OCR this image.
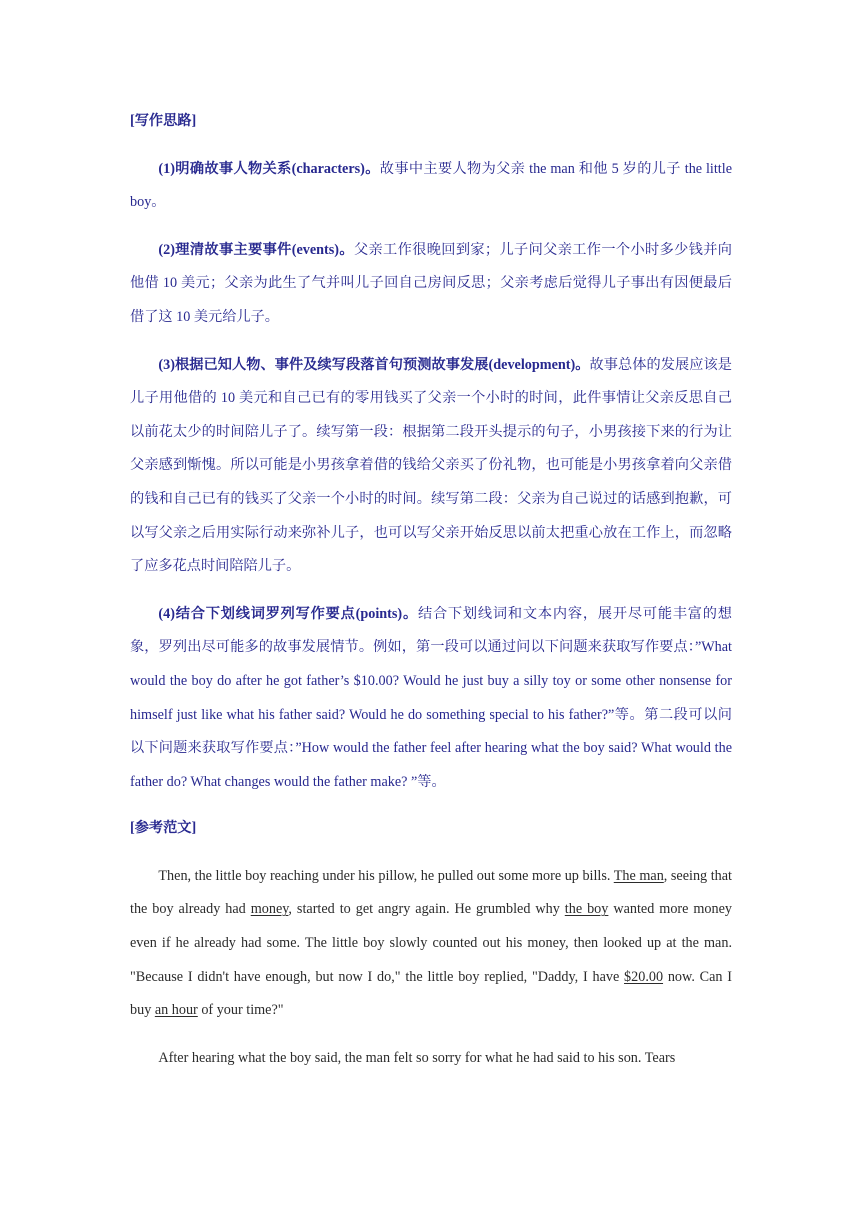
[写作思路]

(1)明确故事人物关系(characters)。故事中主要人物为父亲 the man 和他 5 岁的儿子 the little boy。

(2)理清故事主要事件(events)。父亲工作很晚回到家；儿子问父亲工作一个小时多少钱并向他借 10 美元；父亲为此生了气并叫儿子回自己房间反思；父亲考虑后觉得儿子事出有因便最后借了这 10 美元给儿子。

(3)根据已知人物、事件及续写段落首句预测故事发展(development)。故事总体的发展应该是儿子用他借的 10 美元和自己已有的零用钱买了父亲一个小时的时间，此件事情让父亲反思自己以前花太少的时间陪儿子了。续写第一段：根据第二段开头提示的句子，小男孩接下来的行为让父亲感到惭愧。所以可能是小男孩拿着借的钱给父亲买了份礼物，也可能是小男孩拿着向父亲借的钱和自己已有的钱买了父亲一个小时的时间。续写第二段：父亲为自己说过的话感到抱歉，可以写父亲之后用实际行动来弥补儿子，也可以写父亲开始反思以前太把重心放在工作上，而忽略了应多花点时间陪陪儿子。

(4)结合下划线词罗列写作要点(points)。结合下划线词和文本内容，展开尽可能丰富的想象，罗列出尽可能多的故事发展情节。例如，第一段可以通过问以下问题来获取写作要点：”What would the boy do after he got father’s $10.00? Would he just buy a silly toy or some other nonsense for himself just like what his father said? Would he do something special to his father?”等。第二段可以问以下问题来获取写作要点：”How would the father feel after hearing what the boy said? What would the father do? What changes would the father make? ”等。

[参考范文]

Then, the little boy reaching under his pillow, he pulled out some more up bills. The man, seeing that the boy already had money, started to get angry again. He grumbled why the boy wanted more money even if he already had some. The little boy slowly counted out his money, then looked up at the man. "Because I didn't have enough, but now I do," the little boy replied, "Daddy, I have $20.00 now. Can I buy an hour of your time?"

After hearing what the boy said, the man felt so sorry for what he had said to his son. Tears
